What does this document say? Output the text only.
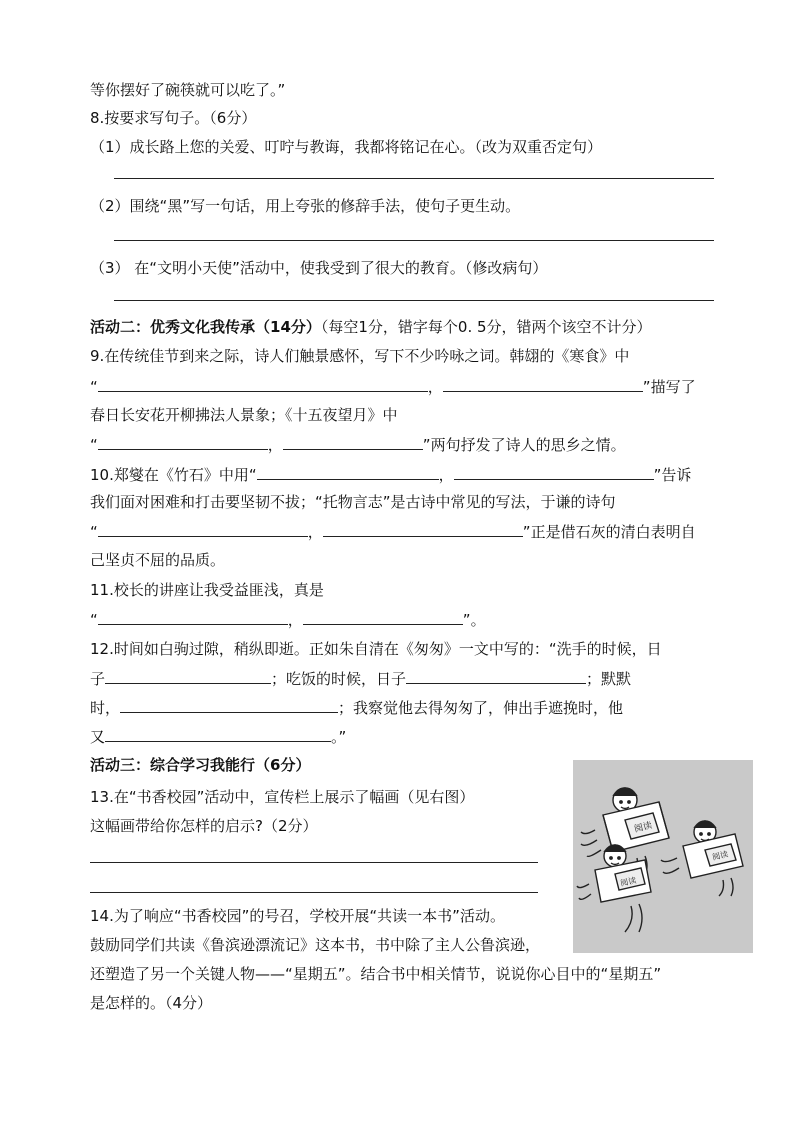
等你摆好了碗筷就可以吃了。”
8.按要求写句子。（6分）
（1）成长路上您的关爱、叮咛与教诲，我都将铭记在心。（改为双重否定句）
（2）围绕“黑”写一句话，用上夸张的修辞手法，使句子更生动。
（3） 在“文明小天使”活动中，使我受到了很大的教育。（修改病句）
活动二：优秀文化我传承（14分）（每空1分，错字每个0. 5分，错两个该空不计分）
9.在传统佳节到来之际，诗人们触景感怀，写下不少吟咏之词。韩翃的《寒食》中
“	，	”描写了
春日长安花开柳拂法人景象；《十五夜望月》中
“	，	”两句抒发了诗人的思乡之情。
10.郑燮在《竹石》中用“	，	”告诉
我们面对困难和打击要坚韧不拔；“托物言志”是古诗中常见的写法，于谦的诗句
“	，	”正是借石灰的清白表明自
己坚贞不屈的品质。
11.校长的讲座让我受益匪浅，真是
“	，	”。
12.时间如白驹过隙，稍纵即逝。正如朱自清在《匆匆》一文中写的：“洗手的时候，日
子	；吃饭的时候，日子	；默默
时，	；我察觉他去得匆匆了，伸出手遮挽时，他
又	。”
活动三：综合学习我能行（6分）
13.在“书香校园”活动中，宣传栏上展示了幅画（见右图）
这幅画带给你怎样的启示?（2分）
14.为了响应“书香校园”的号召，学校开展“共读一本书”活动。
鼓励同学们共读《鲁滨逊漂流记》这本书，书中除了主人公鲁滨逊，
还塑造了另一个关键人物——“星期五”。结合书中相关情节，说说你心目中的“星期五”
是怎样的。（4分）
阅读
阅读
阅读
